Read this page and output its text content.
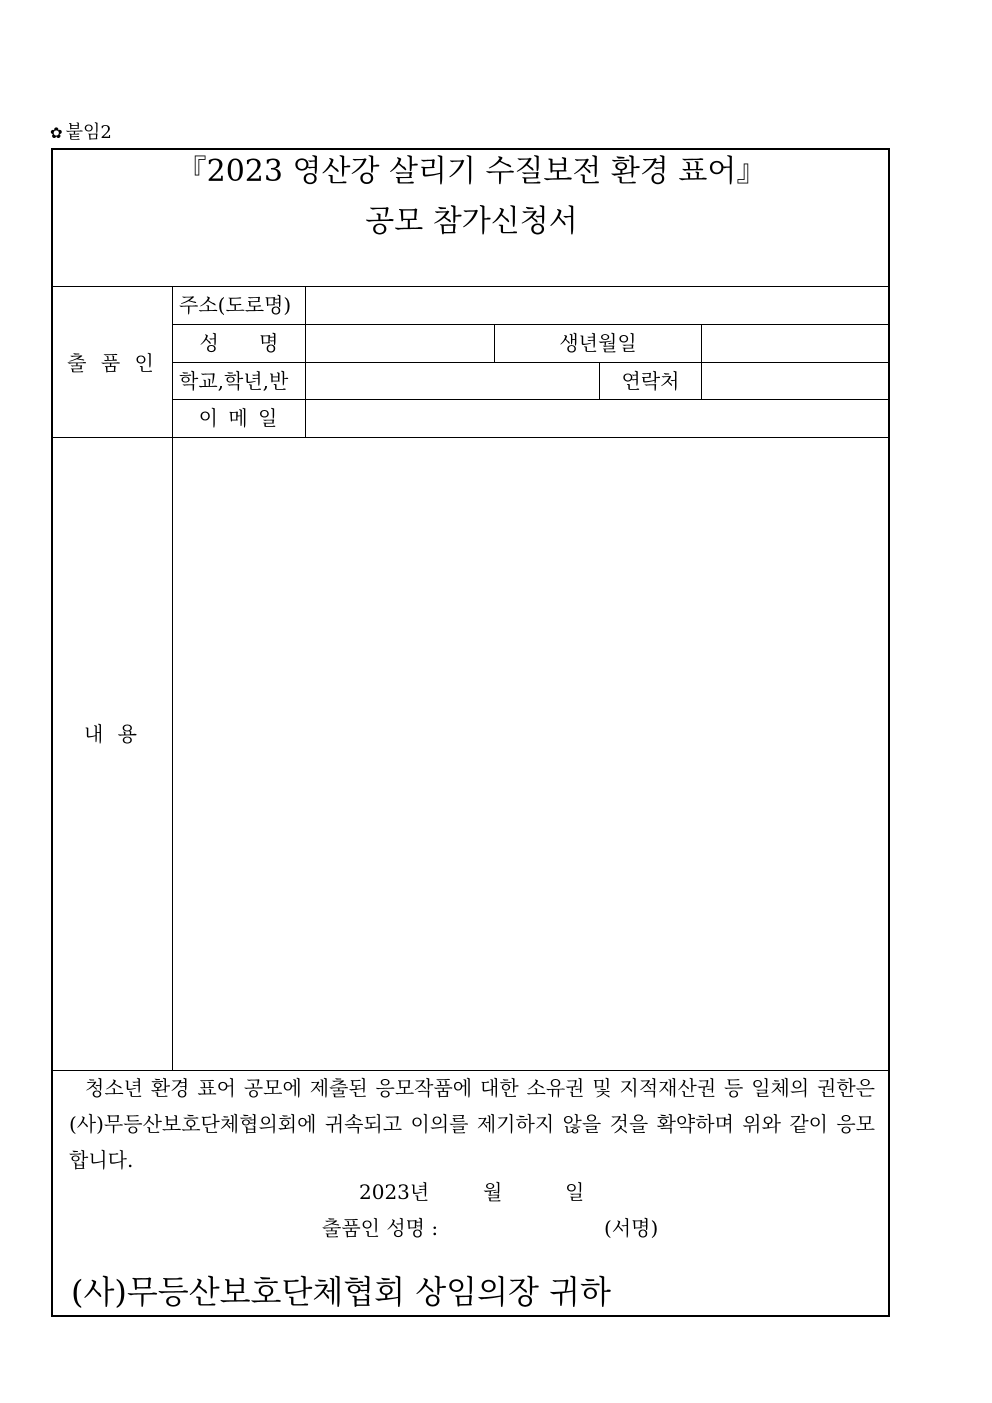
✿ 붙임2
『2023 영산강 살리기 수질보전 환경 표어』
공모 참가신청서
출 품 인
주소(도로명)
성 명	생년월일
학교,학년,반	연락처
이 메 일
내 용
청소년 환경 표어 공모에 제출된 응모작품에 대한 소유권 및 지적재산권 등 일체의 권한은 (사)무등산보호단체협의회에 귀속되고 이의를 제기하지 않을 것을 확약하며 위와 같이 응모합니다.
2023년	월	일
출품인 성명 :	(서명)
(사)무등산보호단체협회 상임의장 귀하
